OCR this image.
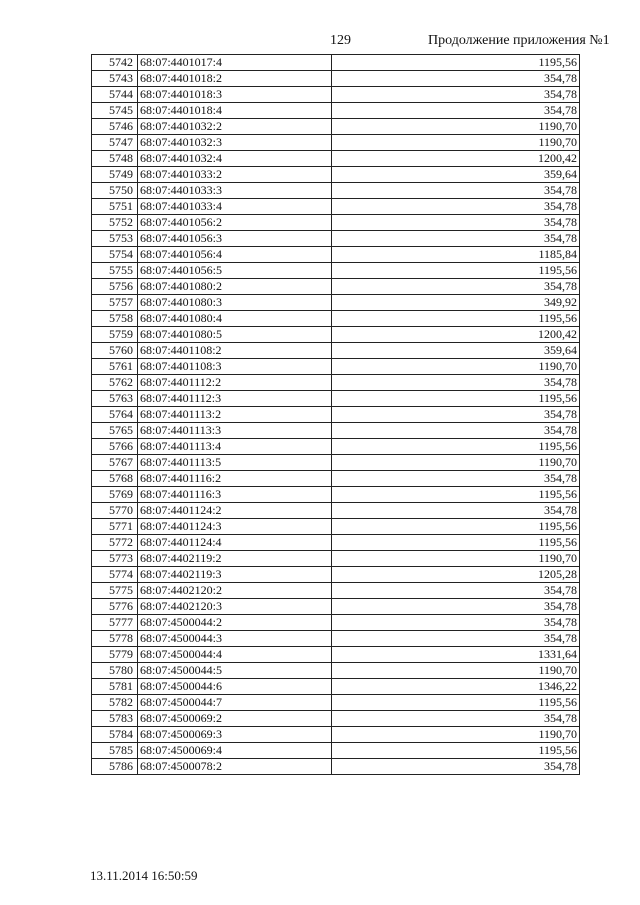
129	Продолжение приложения №1
5742	68:07:4401017:4	1195,56
5743	68:07:4401018:2	354,78
5744	68:07:4401018:3	354,78
5745	68:07:4401018:4	354,78
5746	68:07:4401032:2	1190,70
5747	68:07:4401032:3	1190,70
5748	68:07:4401032:4	1200,42
5749	68:07:4401033:2	359,64
5750	68:07:4401033:3	354,78
5751	68:07:4401033:4	354,78
5752	68:07:4401056:2	354,78
5753	68:07:4401056:3	354,78
5754	68:07:4401056:4	1185,84
5755	68:07:4401056:5	1195,56
5756	68:07:4401080:2	354,78
5757	68:07:4401080:3	349,92
5758	68:07:4401080:4	1195,56
5759	68:07:4401080:5	1200,42
5760	68:07:4401108:2	359,64
5761	68:07:4401108:3	1190,70
5762	68:07:4401112:2	354,78
5763	68:07:4401112:3	1195,56
5764	68:07:4401113:2	354,78
5765	68:07:4401113:3	354,78
5766	68:07:4401113:4	1195,56
5767	68:07:4401113:5	1190,70
5768	68:07:4401116:2	354,78
5769	68:07:4401116:3	1195,56
5770	68:07:4401124:2	354,78
5771	68:07:4401124:3	1195,56
5772	68:07:4401124:4	1195,56
5773	68:07:4402119:2	1190,70
5774	68:07:4402119:3	1205,28
5775	68:07:4402120:2	354,78
5776	68:07:4402120:3	354,78
5777	68:07:4500044:2	354,78
5778	68:07:4500044:3	354,78
5779	68:07:4500044:4	1331,64
5780	68:07:4500044:5	1190,70
5781	68:07:4500044:6	1346,22
5782	68:07:4500044:7	1195,56
5783	68:07:4500069:2	354,78
5784	68:07:4500069:3	1190,70
5785	68:07:4500069:4	1195,56
5786	68:07:4500078:2	354,78
13.11.2014 16:50:59
